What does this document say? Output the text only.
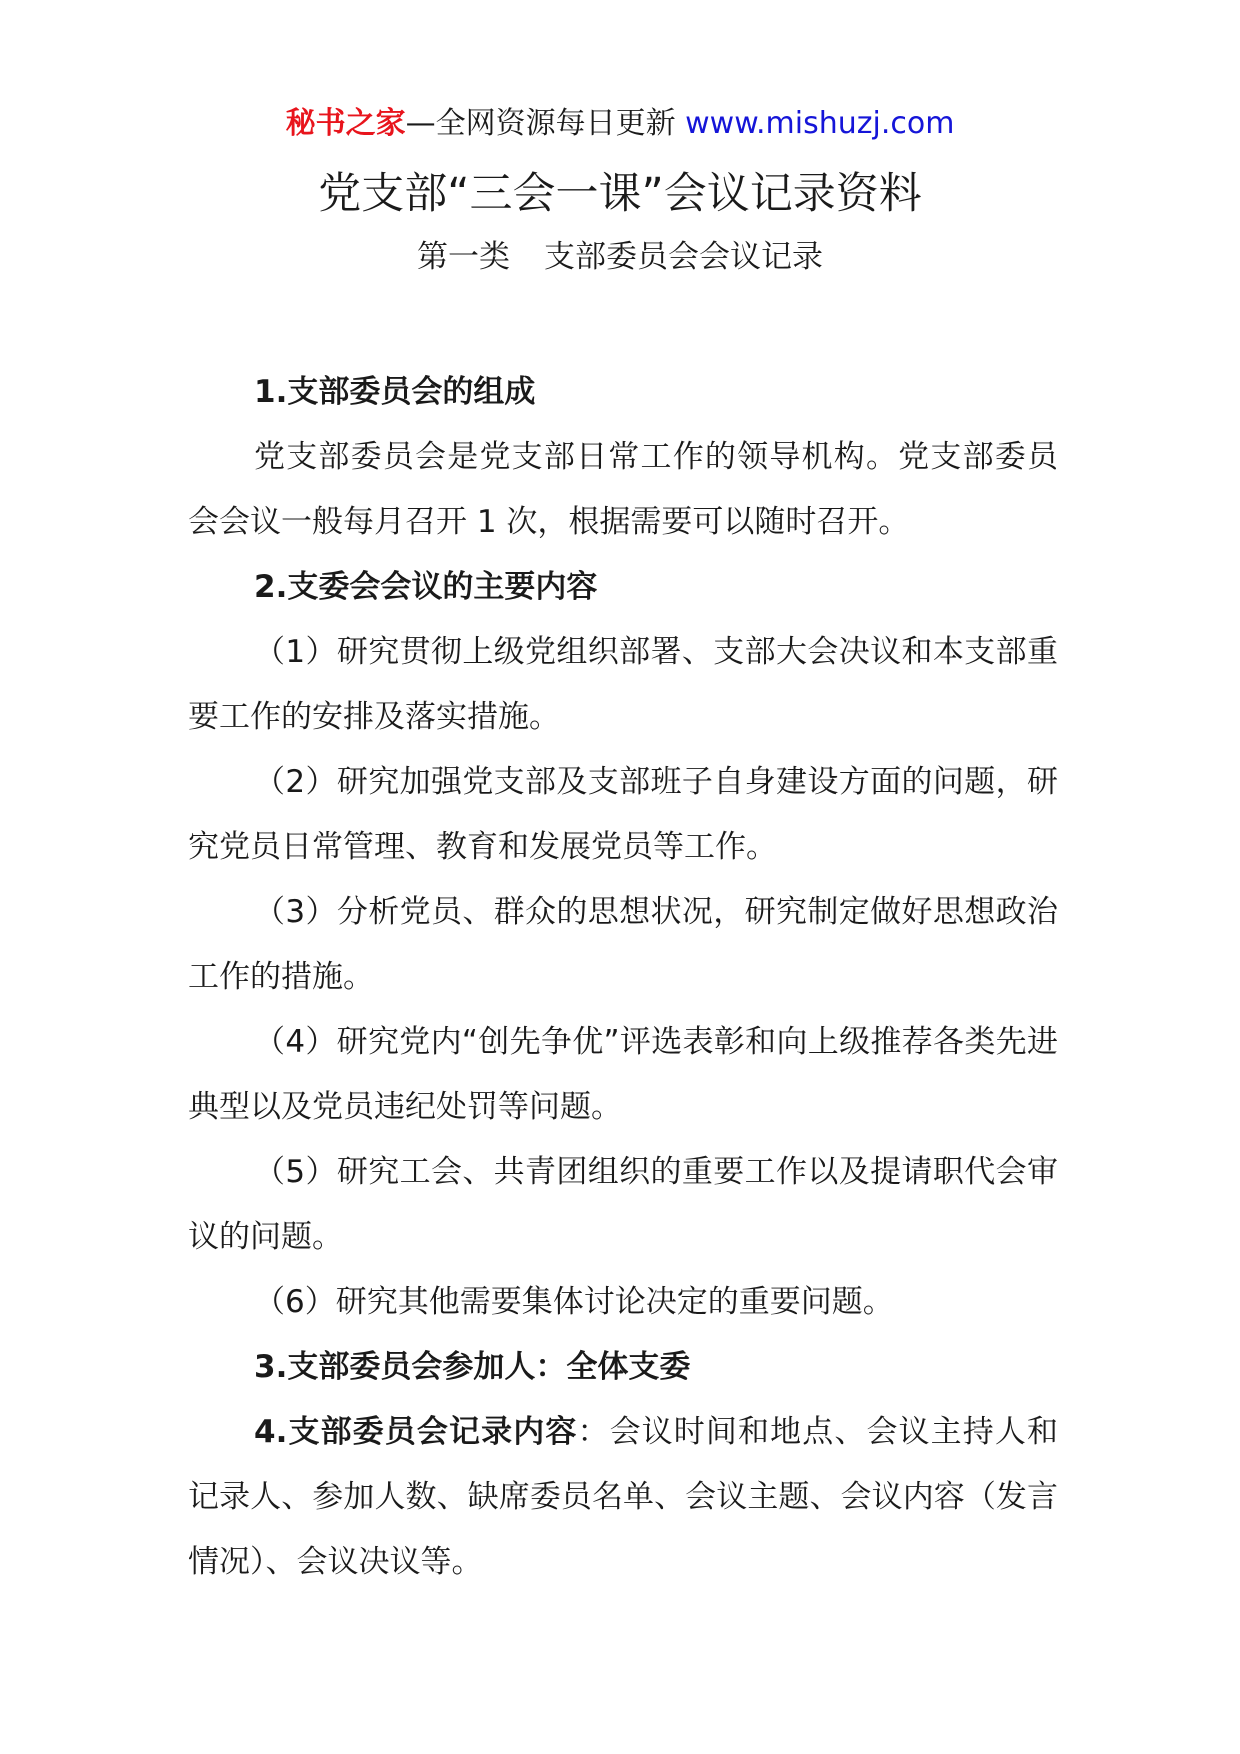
秘书之家—全网资源每日更新 www.mishuzj.com
党支部“三会一课”会议记录资料
第一类 支部委员会会议记录
1.支部委员会的组成

党支部委员会是党支部日常工作的领导机构。党支部委员会会议一般每月召开 1 次，根据需要可以随时召开。

2.支委会会议的主要内容

（1）研究贯彻上级党组织部署、支部大会决议和本支部重要工作的安排及落实措施。

（2）研究加强党支部及支部班子自身建设方面的问题，研究党员日常管理、教育和发展党员等工作。

（3）分析党员、群众的思想状况，研究制定做好思想政治工作的措施。

（4）研究党内“创先争优”评选表彰和向上级推荐各类先进典型以及党员违纪处罚等问题。

（5）研究工会、共青团组织的重要工作以及提请职代会审议的问题。

（6）研究其他需要集体讨论决定的重要问题。

3.支部委员会参加人：全体支委

4.支部委员会记录内容：会议时间和地点、会议主持人和记录人、参加人数、缺席委员名单、会议主题、会议内容（发言情况）、会议决议等。
